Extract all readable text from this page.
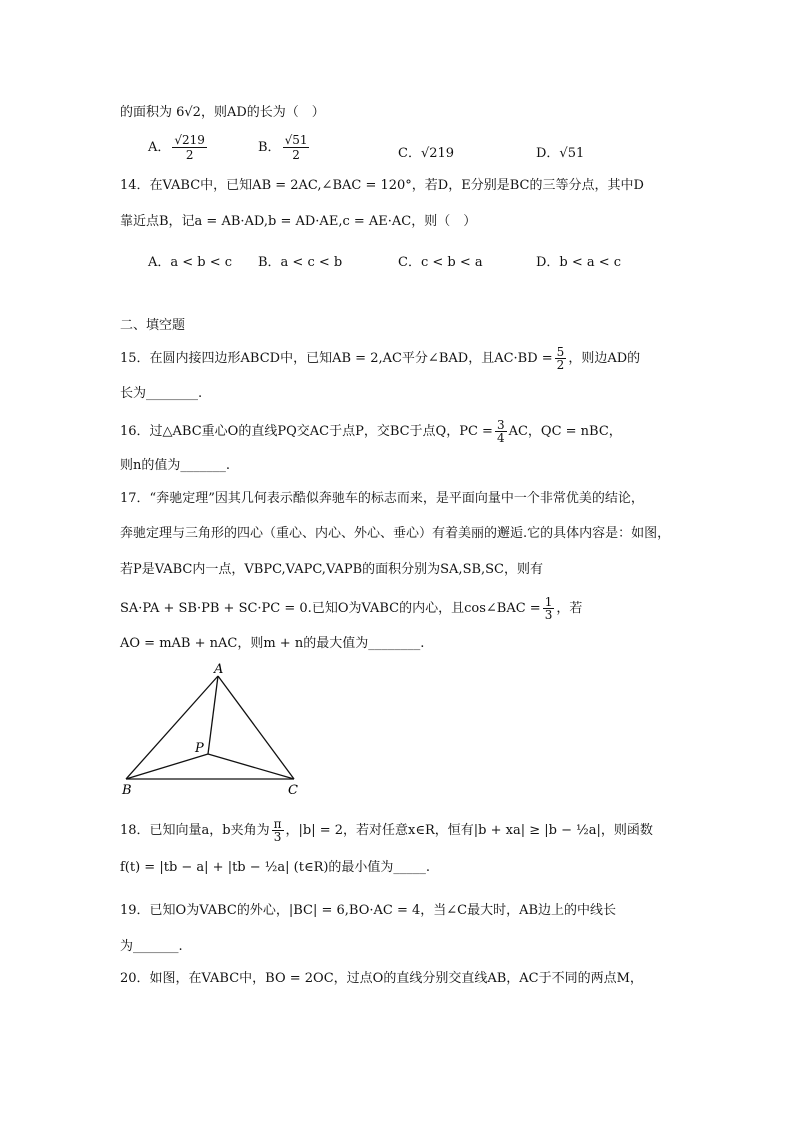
的面积为 6√2，则AD的长为（　）
A． $\frac{√219}{2}$	B． $\frac{√51}{2}$	C．√219	D．√51
14．在VABC中，已知AB = 2AC,∠BAC = 120°，若D，E分别是BC的三等分点，其中D
靠近点B，记a = AB·AD,b = AD·AE,c = AE·AC，则（　）
A．a < b < c B．a < c < b	C．c < b < a	D．b < a < c
二、填空题
15．在圆内接四边形ABCD中，已知AB = 2,AC平分∠BAD，且$AC\cdot BD = \frac{5}{2}$ ，则边AD的
长为________.
16．过△ABC重心O的直线PQ交AC于点P，交BC于点Q，PC = $\frac{3}{4}$ AC，QC = nBC，
则n的值为_______.
17．“奔驰定理”因其几何表示酷似奔驰车的标志而来，是平面向量中一个非常优美的结论，
奔驰定理与三角形的四心（重心、内心、外心、垂心）有着美丽的邂逅.它的具体内容是：如图，
若P是VABC内一点，VBPC,VAPC,VAPB的面积分别为SA,SB,SC，则有
SA·PA + SB·PB + SC·PC = 0.已知O为VABC的内心，且cos∠BAC = $\frac{1}{3}$ ，若
AO = mAB + nAC，则m + n的最大值为________.
A
B	C
P
18．已知向量a，b夹角为 $\frac{\pi}{3}$ ，|b| = 2，若对任意x∈R，恒有|b + xa| ≥ |b − ½a|，则函数
f(t) = |tb − a| + |tb − ½a| (t∈R)的最小值为_____.
19．已知O为VABC的外心，|BC| = 6,BO·AC = 4，当∠C最大时，AB边上的中线长
为_______.
20．如图，在VABC中，BO = 2OC，过点O的直线分别交直线AB，AC于不同的两点M，
